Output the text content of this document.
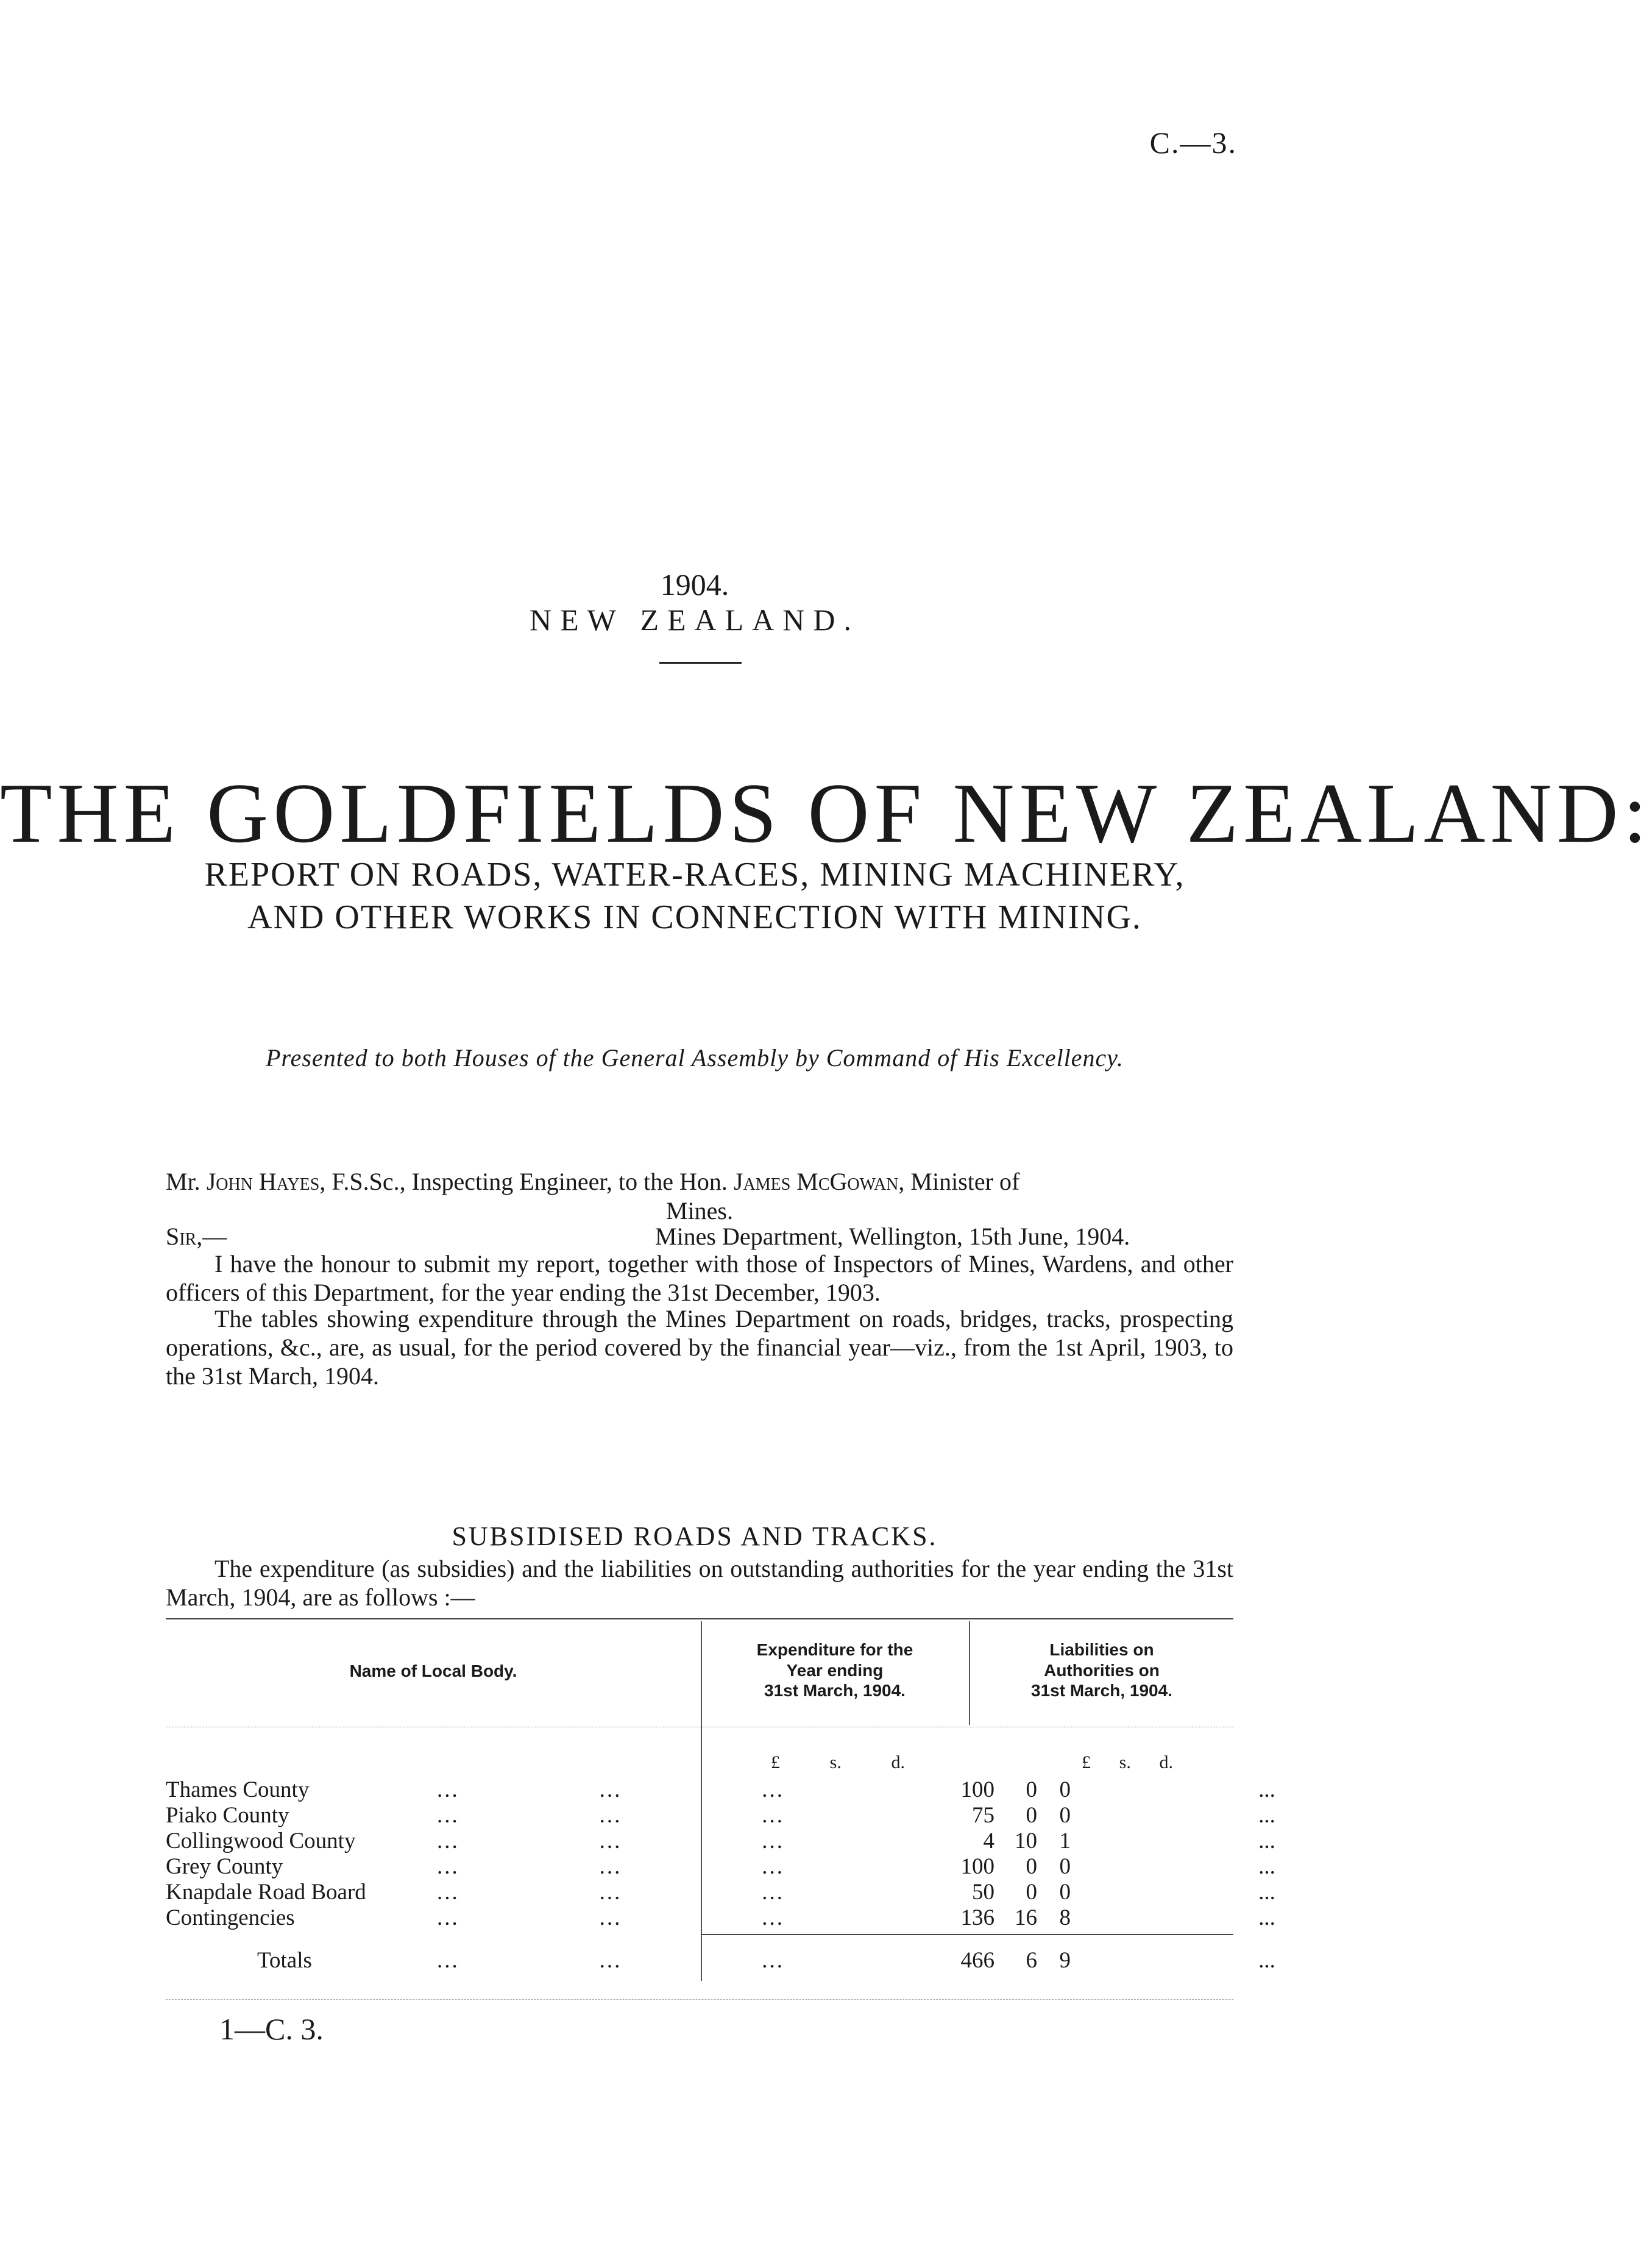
C.—3.
1904.
NEW ZEALAND.
THE GOLDFIELDS OF NEW ZEALAND:
REPORT ON ROADS, WATER-RACES, MINING MACHINERY,
AND OTHER WORKS IN CONNECTION WITH MINING.
Presented to both Houses of the General Assembly by Command of His Excellency.
Mr. John Hayes, F.S.Sc., Inspecting Engineer, to the Hon. James McGowan, Minister of
Mines.
Sir,—	Mines Department, Wellington, 15th June, 1904.

I have the honour to submit my report, together with those of Inspectors of Mines, Wardens, and other officers of this Department, for the year ending the 31st December, 1903.

The tables showing expenditure through the Mines Department on roads, bridges, tracks, prospecting operations, &c., are, as usual, for the period covered by the financial year—viz., from the 1st April, 1903, to the 31st March, 1904.

SUBSIDISED ROADS AND TRACKS.

The expenditure (as subsidies) and the liabilities on outstanding authorities for the year ending the 31st March, 1904, are as follows :—

Name of Local Body.
Expenditure for the
Year ending
31st March, 1904.
Liabilities on
Authorities on
31st March, 1904.
£	s.	d.	£ s. d.
Thames County	...	...	...	100	0 0	...
Piako County	...	...	...	75	0 0	...
Collingwood County	...	...	...	4 10 1	...
Grey County	...	...	...	100	0 0	...
Knapdale Road Board	...	...	...	50	0 0	...
Contingencies	...	...	...	136 16 8	...
Totals	...	...	...	466	6 9	...
1—C. 3.
